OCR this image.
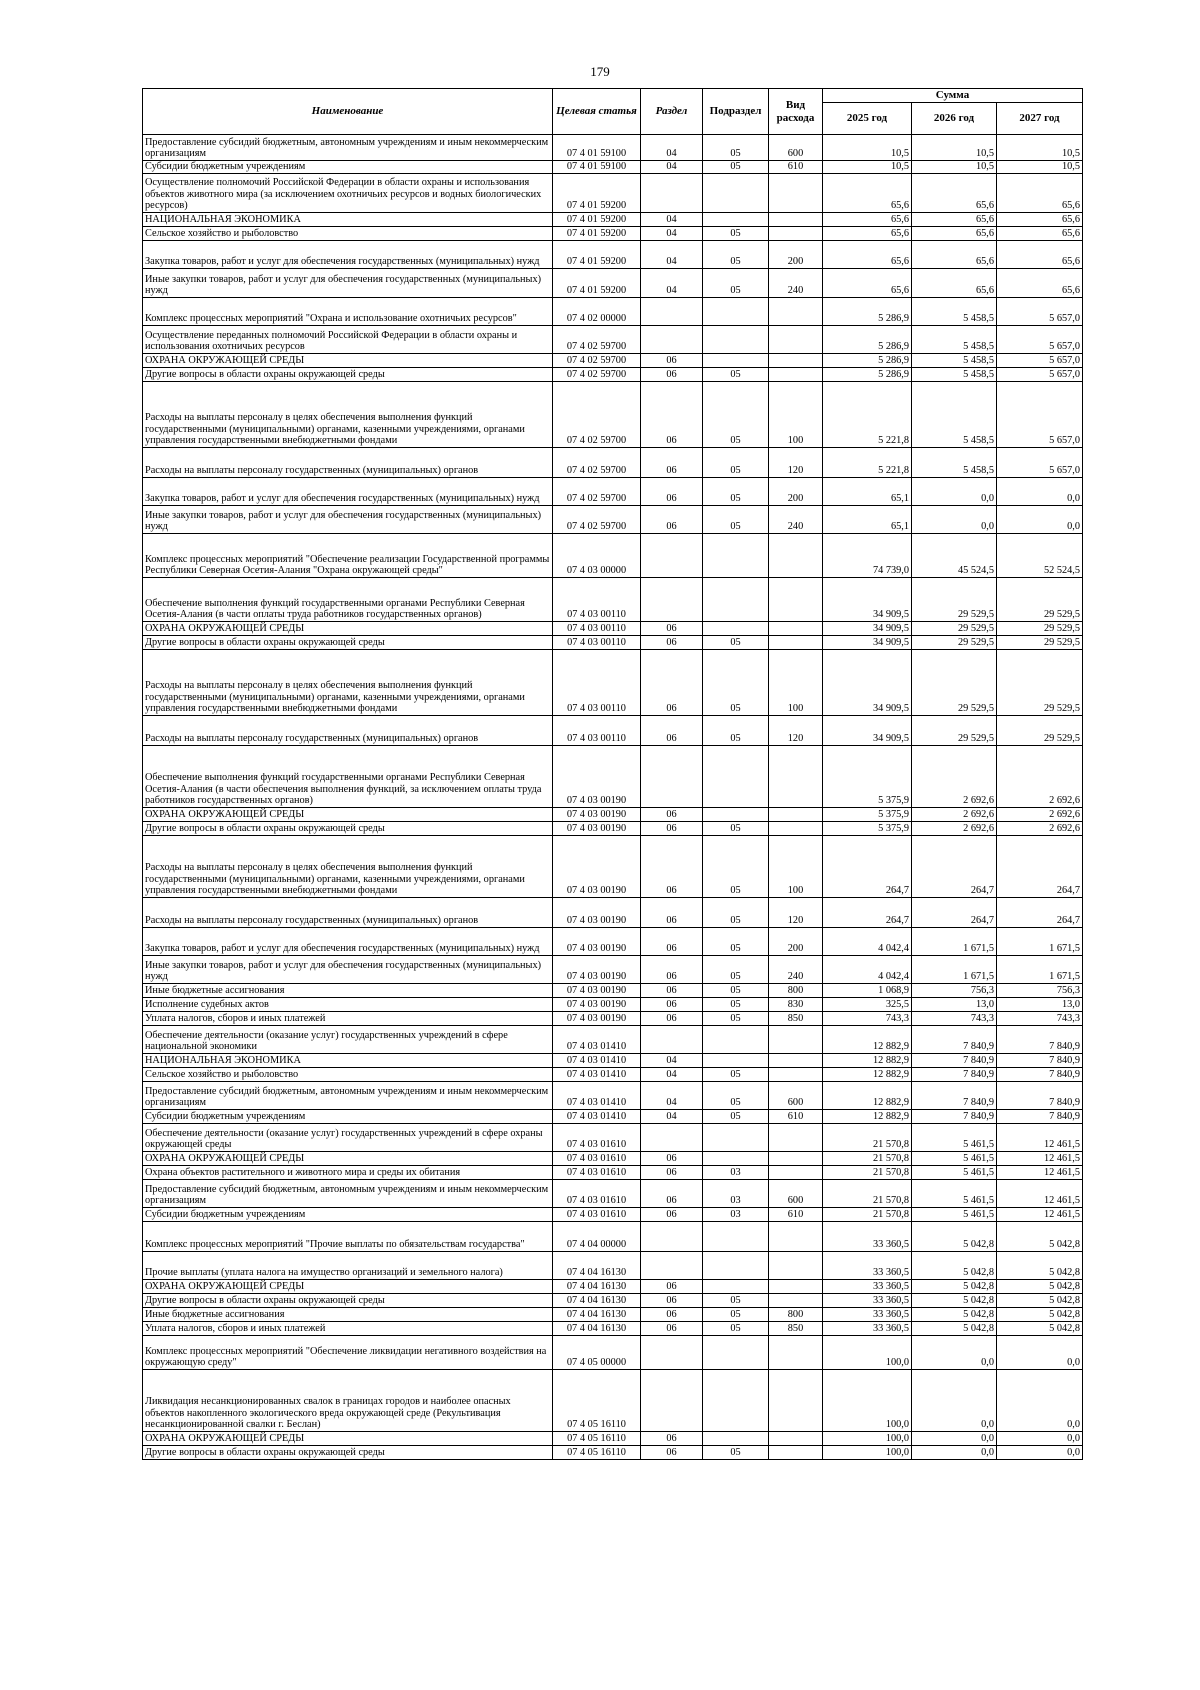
179
Наименование	Целевая статья	Раздел	Подраздел	Вид расхода	Сумма		
					2025 год	2026 год	2027 год
Предоставление субсидий бюджетным, автономным учреждениям и иным некоммерческим организациям	07 4 01 59100	04	05	600	10,5	10,5	10,5
Субсидии бюджетным учреждениям	07 4 01 59100	04	05	610	10,5	10,5	10,5
Осуществление полномочий Российской Федерации в области охраны и использования объектов животного мира (за исключением охотничьих ресурсов и водных биологических ресурсов)	07 4 01 59200				65,6	65,6	65,6
НАЦИОНАЛЬНАЯ ЭКОНОМИКА	07 4 01 59200	04			65,6	65,6	65,6
Сельское хозяйство и рыболовство	07 4 01 59200	04	05		65,6	65,6	65,6
Закупка товаров, работ и услуг для обеспечения государственных (муниципальных) нужд	07 4 01 59200	04	05	200	65,6	65,6	65,6
Иные закупки товаров, работ и услуг для обеспечения государственных (муниципальных) нужд	07 4 01 59200	04	05	240	65,6	65,6	65,6
Комплекс процессных мероприятий "Охрана и использование охотничьих ресурсов"	07 4 02 00000				5 286,9	5 458,5	5 657,0
Осуществление переданных полномочий Российской Федерации в области охраны и использования охотничьих ресурсов	07 4 02 59700				5 286,9	5 458,5	5 657,0
ОХРАНА ОКРУЖАЮЩЕЙ СРЕДЫ	07 4 02 59700	06			5 286,9	5 458,5	5 657,0
Другие вопросы в области охраны окружающей среды	07 4 02 59700	06	05		5 286,9	5 458,5	5 657,0
Расходы на выплаты персоналу в целях обеспечения выполнения функций государственными (муниципальными) органами, казенными учреждениями, органами управления государственными внебюджетными фондами	07 4 02 59700	06	05	100	5 221,8	5 458,5	5 657,0
Расходы на выплаты персоналу государственных (муниципальных) органов	07 4 02 59700	06	05	120	5 221,8	5 458,5	5 657,0
Закупка товаров, работ и услуг для обеспечения государственных (муниципальных) нужд	07 4 02 59700	06	05	200	65,1	0,0	0,0
Иные закупки товаров, работ и услуг для обеспечения государственных (муниципальных) нужд	07 4 02 59700	06	05	240	65,1	0,0	0,0
Комплекс процессных мероприятий "Обеспечение реализации Государственной программы Республики Северная Осетия-Алания "Охрана окружающей среды"	07 4 03 00000				74 739,0	45 524,5	52 524,5
Обеспечение выполнения функций государственными органами Республики Северная Осетия-Алания (в части оплаты труда работников государственных органов)	07 4 03 00110				34 909,5	29 529,5	29 529,5
ОХРАНА ОКРУЖАЮЩЕЙ СРЕДЫ	07 4 03 00110	06			34 909,5	29 529,5	29 529,5
Другие вопросы в области охраны окружающей среды	07 4 03 00110	06	05		34 909,5	29 529,5	29 529,5
Расходы на выплаты персоналу в целях обеспечения выполнения функций государственными (муниципальными) органами, казенными учреждениями, органами управления государственными внебюджетными фондами	07 4 03 00110	06	05	100	34 909,5	29 529,5	29 529,5
Расходы на выплаты персоналу государственных (муниципальных) органов	07 4 03 00110	06	05	120	34 909,5	29 529,5	29 529,5
Обеспечение выполнения функций государственными органами Республики Северная Осетия-Алания (в части обеспечения выполнения функций, за исключением оплаты труда работников государственных органов)	07 4 03 00190				5 375,9	2 692,6	2 692,6
ОХРАНА ОКРУЖАЮЩЕЙ СРЕДЫ	07 4 03 00190	06			5 375,9	2 692,6	2 692,6
Другие вопросы в области охраны окружающей среды	07 4 03 00190	06	05		5 375,9	2 692,6	2 692,6
Расходы на выплаты персоналу в целях обеспечения выполнения функций государственными (муниципальными) органами, казенными учреждениями, органами управления государственными внебюджетными фондами	07 4 03 00190	06	05	100	264,7	264,7	264,7
Расходы на выплаты персоналу государственных (муниципальных) органов	07 4 03 00190	06	05	120	264,7	264,7	264,7
Закупка товаров, работ и услуг для обеспечения государственных (муниципальных) нужд	07 4 03 00190	06	05	200	4 042,4	1 671,5	1 671,5
Иные закупки товаров, работ и услуг для обеспечения государственных (муниципальных) нужд	07 4 03 00190	06	05	240	4 042,4	1 671,5	1 671,5
Иные бюджетные ассигнования	07 4 03 00190	06	05	800	1 068,9	756,3	756,3
Исполнение судебных актов	07 4 03 00190	06	05	830	325,5	13,0	13,0
Уплата налогов, сборов и иных платежей	07 4 03 00190	06	05	850	743,3	743,3	743,3
Обеспечение деятельности (оказание услуг) государственных учреждений в сфере национальной экономики	07 4 03 01410				12 882,9	7 840,9	7 840,9
НАЦИОНАЛЬНАЯ ЭКОНОМИКА	07 4 03 01410	04			12 882,9	7 840,9	7 840,9
Сельское хозяйство и рыболовство	07 4 03 01410	04	05		12 882,9	7 840,9	7 840,9
Предоставление субсидий бюджетным, автономным учреждениям и иным некоммерческим организациям	07 4 03 01410	04	05	600	12 882,9	7 840,9	7 840,9
Субсидии бюджетным учреждениям	07 4 03 01410	04	05	610	12 882,9	7 840,9	7 840,9
Обеспечение деятельности (оказание услуг) государственных учреждений в сфере охраны окружающей среды	07 4 03 01610				21 570,8	5 461,5	12 461,5
ОХРАНА ОКРУЖАЮЩЕЙ СРЕДЫ	07 4 03 01610	06			21 570,8	5 461,5	12 461,5
Охрана объектов растительного и животного мира и среды их обитания	07 4 03 01610	06	03		21 570,8	5 461,5	12 461,5
Предоставление субсидий бюджетным, автономным учреждениям и иным некоммерческим организациям	07 4 03 01610	06	03	600	21 570,8	5 461,5	12 461,5
Субсидии бюджетным учреждениям	07 4 03 01610	06	03	610	21 570,8	5 461,5	12 461,5
Комплекс процессных мероприятий "Прочие выплаты по обязательствам государства"	07 4 04 00000				33 360,5	5 042,8	5 042,8
Прочие выплаты (уплата налога на имущество организаций и земельного налога)	07 4 04 16130				33 360,5	5 042,8	5 042,8
ОХРАНА ОКРУЖАЮЩЕЙ СРЕДЫ	07 4 04 16130	06			33 360,5	5 042,8	5 042,8
Другие вопросы в области охраны окружающей среды	07 4 04 16130	06	05		33 360,5	5 042,8	5 042,8
Иные бюджетные ассигнования	07 4 04 16130	06	05	800	33 360,5	5 042,8	5 042,8
Уплата налогов, сборов и иных платежей	07 4 04 16130	06	05	850	33 360,5	5 042,8	5 042,8
Комплекс процессных мероприятий "Обеспечение ликвидации негативного воздействия на окружающую среду"	07 4 05 00000				100,0	0,0	0,0
Ликвидация несанкционированных свалок в границах городов и наиболее опасных объектов накопленного экологического вреда окружающей среде (Рекультивация несанкционированной свалки г. Беслан)	07 4 05 16110				100,0	0,0	0,0
ОХРАНА ОКРУЖАЮЩЕЙ СРЕДЫ	07 4 05 16110	06			100,0	0,0	0,0
Другие вопросы в области охраны окружающей среды	07 4 05 16110	06	05		100,0	0,0	0,0
